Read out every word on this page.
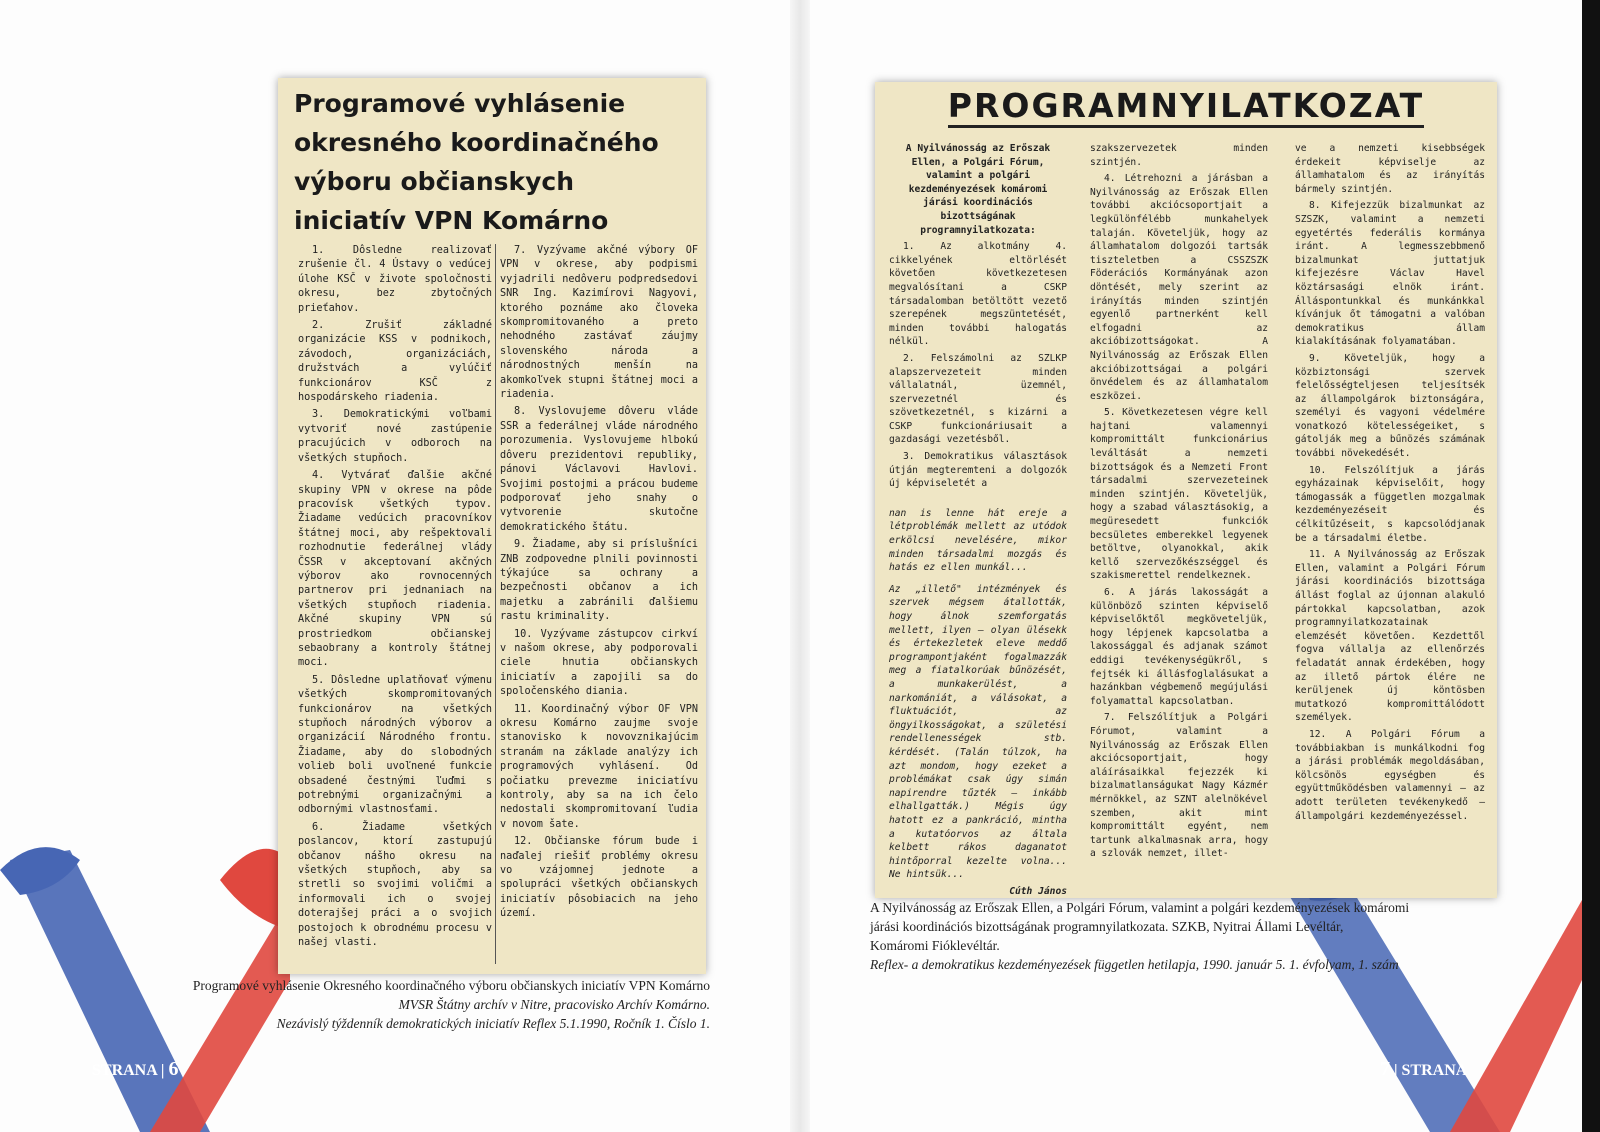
Programové vyhlásenie okresného koordinačného výboru občianskych iniciatív VPN Komárno

1. Dôsledne realizovať zrušenie čl. 4 Ústavy o vedúcej úlohe KSČ v živote spoločnosti okresu, bez zbytočných prieťahov.

2. Zrušiť základné organizácie KSS v podnikoch, závodoch, organizáciách, družstvách a vylúčiť funkcionárov KSČ z hospodárskeho riadenia.

3. Demokratickými voľbami vytvoriť nové zastúpenie pracujúcich v odboroch na všetkých stupňoch.

4. Vytvárať ďalšie akčné skupiny VPN v okrese na pôde pracovísk všetkých typov. Žiadame vedúcich pracovníkov štátnej moci, aby rešpektovali rozhodnutie federálnej vlády ČSSR v akceptovaní akčných výborov ako rovnocenných partnerov pri jednaniach na všetkých stupňoch riadenia. Akčné skupiny VPN sú prostriedkom občianskej sebaobrany a kontroly štátnej moci.

5. Dôsledne uplatňovať výmenu všetkých skompromitovaných funkcionárov na všetkých stupňoch národných výborov a organizácií Národného frontu. Žiadame, aby do slobodných volieb boli uvoľnené funkcie obsadené čestnými ľuďmi s potrebnými organizačnými a odbornými vlastnosťami.

6. Žiadame všetkých poslancov, ktorí zastupujú občanov nášho okresu na všetkých stupňoch, aby sa stretli so svojimi voličmi a informovali ich o svojej doterajšej práci a o svojich postojoch k obrodnému procesu v našej vlasti.

7. Vyzývame akčné výbory OF VPN v okrese, aby podpismi vyjadrili nedôveru podpredsedovi SNR Ing. Kazimírovi Nagyovi, ktorého poznáme ako človeka skompromitovaného a preto nehodného zastávať záujmy slovenského národa a národnostných menšín na akomkoľvek stupni štátnej moci a riadenia.

8. Vyslovujeme dôveru vláde SSR a federálnej vláde národného porozumenia. Vyslovujeme hlbokú dôveru prezidentovi republiky, pánovi Václavovi Havlovi. Svojimi postojmi a prácou budeme podporovať jeho snahy o vytvorenie skutočne demokratického štátu.

9. Žiadame, aby si príslušníci ZNB zodpovedne plnili povinnosti týkajúce sa ochrany a bezpečnosti občanov a ich majetku a zabránili ďalšiemu rastu kriminality.

10. Vyzývame zástupcov cirkví v našom okrese, aby podporovali ciele hnutia občianskych iniciatív a zapojili sa do spoločenského diania.

11. Koordinačný výbor OF VPN okresu Komárno zaujme svoje stanovisko k novovznikajúcim stranám na základe analýzy ich programových vyhlásení. Od počiatku prevezme iniciatívu kontroly, aby sa na ich čelo nedostali skompromitovaní ľudia v novom šate.

12. Občianske fórum bude i naďalej riešiť problémy okresu vo vzájomnej jednote a spolupráci všetkých občianskych iniciatív pôsobiacich na jeho území.

PROGRAMNYILATKOZAT

A Nyilvánosság az Erőszak Ellen, a Polgári Fórum, valamint a polgári kezdeményezések komáromi járási koordinációs bizottságának programnyilatkozata:

1. Az alkotmány 4. cikkelyének eltörlését követően következetesen megvalósítani a CSKP társadalomban betöltött vezető szerepének megszüntetését, minden további halogatás nélkül.

2. Felszámolni az SZLKP alapszervezeteit minden vállalatnál, üzemnél, szervezetnél és szövetkezetnél, s kizárni a CSKP funkcionáriusait a gazdasági vezetésből.

3. Demokratikus választások útján megteremteni a dolgozók új képviseletét a

nan is lenne hát ereje a létproblémák mellett az utódok erkölcsi nevelésére, mikor minden társadalmi mozgás és hatás ez ellen munkál...

Az „illető" intézmények és szervek mégsem átallották, hogy álnok szemforgatás mellett, ilyen — olyan ülésekk és értekezletek eleve meddő programpontjaként fogalmazzák meg a fiatalkorúak bűnözését, a munkakerülést, a narkomániát, a válásokat, a fluktuációt, az öngyilkosságokat, a születési rendellenességek stb. kérdését. (Talán túlzok, ha azt mondom, hogy ezeket a problémákat csak úgy simán napirendre tűzték — inkább elhallgatták.) Mégis úgy hatott ez a pankráció, mintha a kutatóorvos az általa kelbett rákos daganatot hintőporral kezelte volna... Ne hintsük...

Cúth János

szakszervezetek minden szintjén.

4. Létrehozni a járásban a Nyilvánosság az Erőszak Ellen további akciócsoportjait a legkülönfélébb munkahelyek talaján. Követeljük, hogy az államhatalom dolgozói tartsák tiszteletben a CSSZSZK Föderációs Kormányának azon döntését, mely szerint az irányítás minden szintjén egyenlő partnerként kell elfogadni az akcióbizottságokat. A Nyilvánosság az Erőszak Ellen akcióbizottságai a polgári önvédelem és az államhatalom eszközei.

5. Következetesen végre kell hajtani valamennyi kompromittált funkcionárius leváltását a nemzeti bizottságok és a Nemzeti Front társadalmi szervezeteinek minden szintjén. Követeljük, hogy a szabad választásokig, a megüresedett funkciók becsületes emberekkel legyenek betöltve, olyanokkal, akik kellő szervezőkészséggel és szakismerettel rendelkeznek.

6. A járás lakosságát a különböző szinten képviselő képviselőktől megköveteljük, hogy lépjenek kapcsolatba a lakossággal és adjanak számot eddigi tevékenységükről, s fejtsék ki állásfoglalásukat a hazánkban végbemenő megújulási folyamattal kapcsolatban.

7. Felszólítjuk a Polgári Fórumot, valamint a Nyilvánosság az Erőszak Ellen akciócsoportjait, hogy aláírásaikkal fejezzék ki bizalmatlanságukat Nagy Kázmér mérnökkel, az SZNT alelnökével szemben, akit mint kompromittált egyént, nem tartunk alkalmasnak arra, hogy a szlovák nemzet, illet-

ve a nemzeti kisebbségek érdekeit képviselje az államhatalom és az irányítás bármely szintjén.

8. Kifejezzük bizalmunkat az SZSZK, valamint a nemzeti egyetértés federális kormánya iránt. A legmesszebbmenő bizalmunkat juttatjuk kifejezésre Václav Havel köztársasági elnök iránt. Álláspontunkkal és munkánkkal kívánjuk őt támogatni a valóban demokratikus állam kialakításának folyamatában.

9. Követeljük, hogy a közbiztonsági szervek felelősségteljesen teljesítsék az állampolgárok biztonságára, személyi és vagyoni védelmére vonatkozó kötelességeiket, s gátolják meg a bűnözés számának további növekedését.

10. Felszólítjuk a járás egyházainak képviselőit, hogy támogassák a független mozgalmak kezdeményezéseit és célkitűzéseit, s kapcsolódjanak be a társadalmi életbe.

11. A Nyilvánosság az Erőszak Ellen, valamint a Polgári Fórum járási koordinációs bizottsága állást foglal az újonnan alakuló pártokkal kapcsolatban, azok programnyilatkozatainak elemzését követően. Kezdettől fogva vállalja az ellenőrzés feladatát annak érdekében, hogy az illető pártok élére ne kerüljenek új köntösben mutatkozó kompromittálódott személyek.

12. A Polgári Fórum a továbbiakban is munkálkodni fog a járási problémák megoldásában, kölcsönös egységben és együttműködésben valamennyi — az adott területen tevékenykedő — állampolgári kezdeményezéssel.

Programové vyhlásenie Okresného koordinačného výboru občianskych iniciatív VPN Komárno
MVSR Štátny archív v Nitre, pracovisko Archív Komárno.
Nezávislý týždenník demokratických iniciatív Reflex 5.1.1990, Ročník 1. Číslo 1.
A Nyilvánosság az Erőszak Ellen, a Polgári Fórum, valamint a polgári kezdeményezések komáromi
járási koordinációs bizottságának programnyilatkozata. SZKB, Nyitrai Állami Levéltár,
Komáromi Fióklevéltár.
Reflex- a demokratikus kezdeményezések független hetilapja, 1990. január 5. 1. évfolyam, 1. szám
STRANA | 6	7 | STRANA
